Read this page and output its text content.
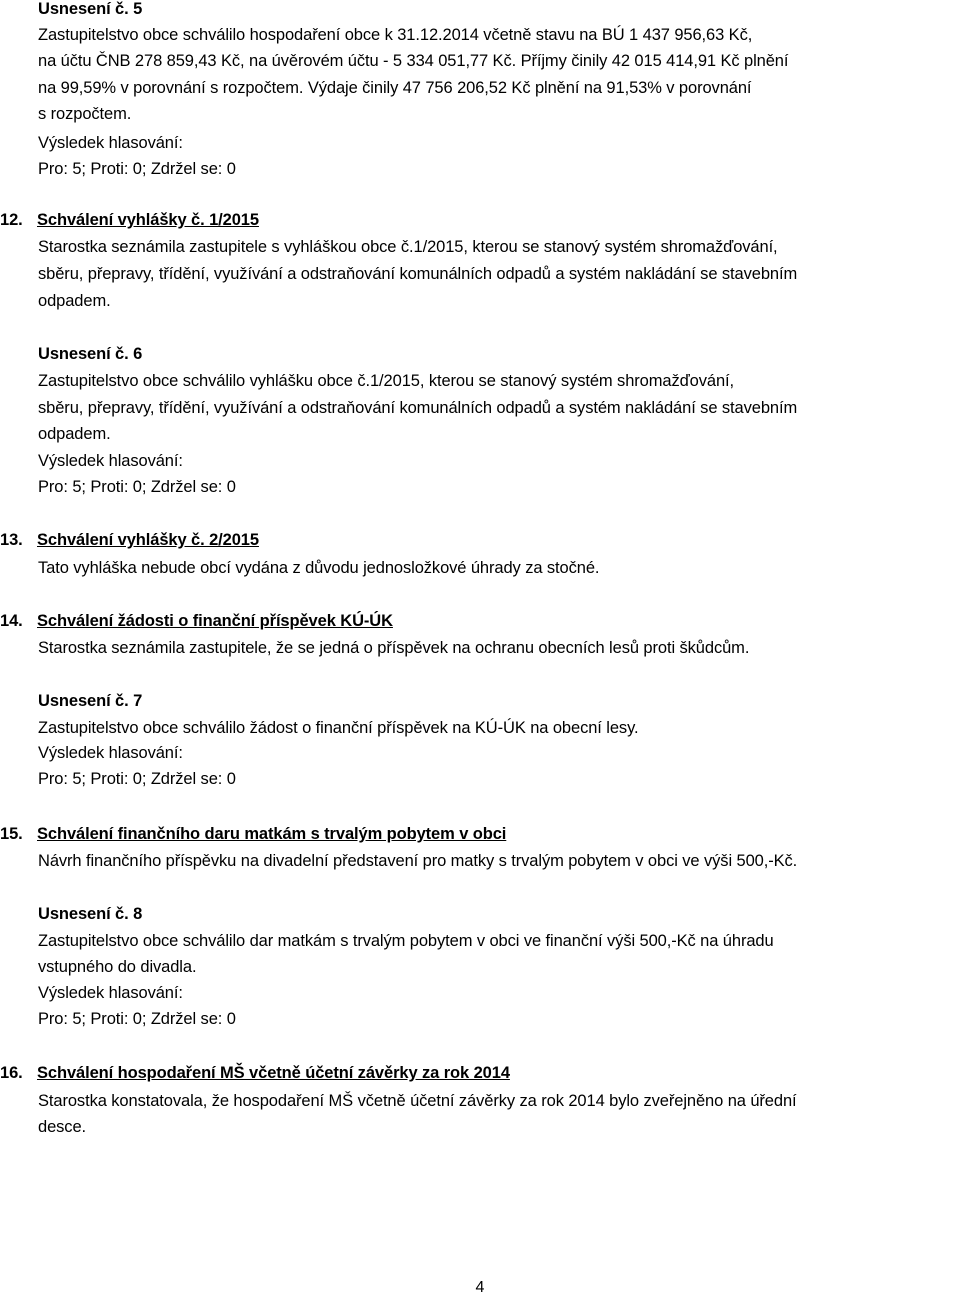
Usnesení č. 5
Zastupitelstvo obce schválilo hospodaření obce k 31.12.2014 včetně stavu na BÚ 1 437 956,63 Kč,
na účtu ČNB 278 859,43 Kč, na úvěrovém účtu - 5 334 051,77 Kč. Příjmy činily 42 015 414,91 Kč plnění
na 99,59% v porovnání s rozpočtem. Výdaje činily 47 756 206,52 Kč plnění na 91,53% v porovnání
s rozpočtem.
Výsledek hlasování:
Pro: 5; Proti: 0; Zdržel se: 0
12. Schválení vyhlášky č. 1/2015
Starostka seznámila zastupitele s vyhláškou obce č.1/2015, kterou se stanový systém shromažďování,
sběru, přepravy, třídění, využívání a odstraňování komunálních odpadů a systém nakládání se stavebním
odpadem.
Usnesení č. 6
Zastupitelstvo obce schválilo vyhlášku obce č.1/2015, kterou se stanový systém shromažďování,
sběru, přepravy, třídění, využívání a odstraňování komunálních odpadů a systém nakládání se stavebním
odpadem.
Výsledek hlasování:
Pro: 5; Proti: 0; Zdržel se: 0
13. Schválení vyhlášky č. 2/2015
Tato vyhláška nebude obcí vydána z důvodu jednosložkové úhrady za stočné.
14. Schválení žádosti o finanční příspěvek KÚ-ÚK
Starostka seznámila zastupitele, že se jedná o příspěvek na ochranu obecních lesů proti škůdcům.
Usnesení č. 7
Zastupitelstvo obce schválilo žádost o finanční příspěvek na KÚ-ÚK na obecní lesy.
Výsledek hlasování:
Pro: 5; Proti: 0; Zdržel se: 0
15. Schválení finančního daru matkám s trvalým pobytem v obci
Návrh finančního příspěvku na divadelní představení pro matky s trvalým pobytem v obci ve výši 500,-Kč.
Usnesení č. 8
Zastupitelstvo obce schválilo dar matkám s trvalým pobytem v obci ve finanční výši 500,-Kč na úhradu
vstupného do divadla.
Výsledek hlasování:
Pro: 5; Proti: 0; Zdržel se: 0
16. Schválení hospodaření MŠ včetně účetní závěrky za rok 2014
Starostka konstatovala, že hospodaření MŠ včetně účetní závěrky za rok 2014 bylo zveřejněno na úřední
desce.
4
